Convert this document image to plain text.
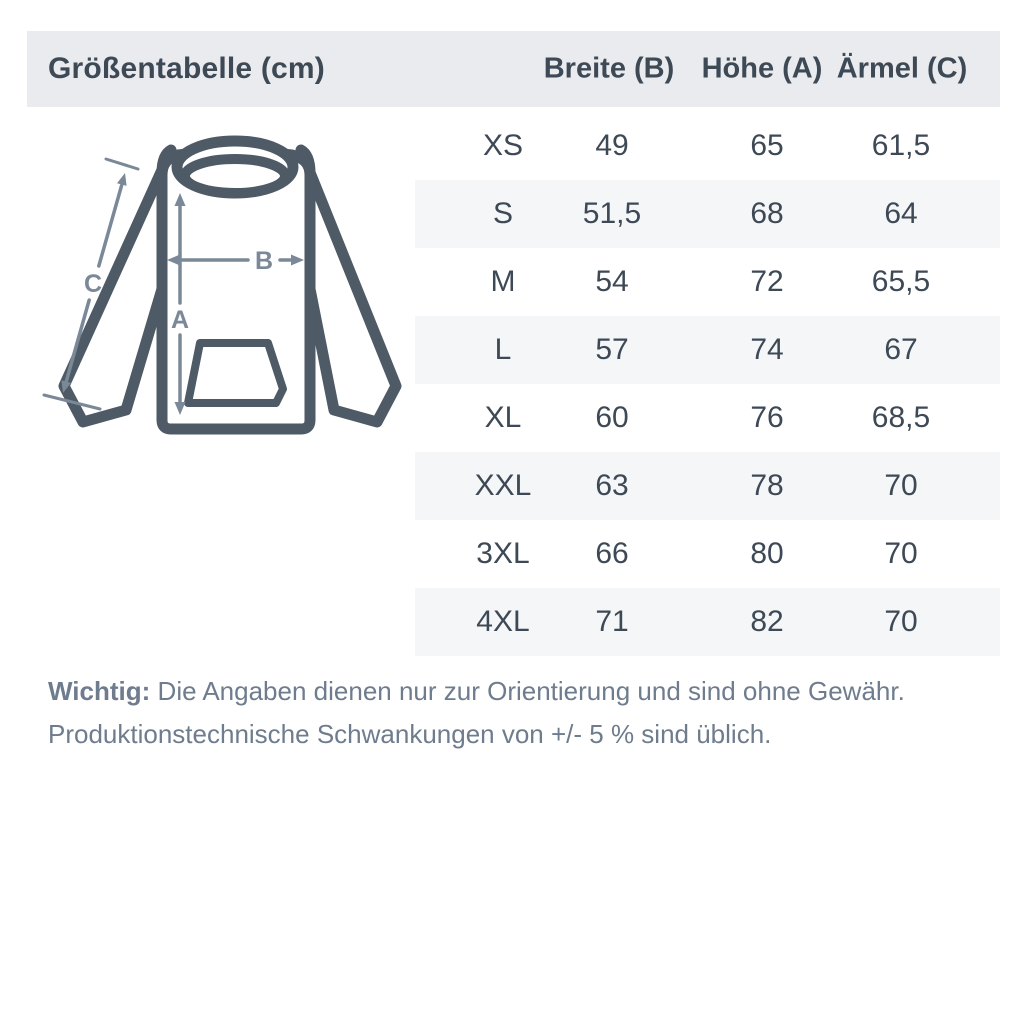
Größentabelle (cm)	Breite (B) Höhe (A) Ärmel (C)
A
B
C
XS 49	65	61,5
S 51,5	68	64
M	54	72	65,5
L	57	74	67
XL 60	76	68,5
XXL 63	78	70
3XL 66	80	70
4XL 71	82	70
Wichtig: Die Angaben dienen nur zur Orientierung und sind ohne Gewähr.
Produktionstechnische Schwankungen von +/- 5 % sind üblich.
